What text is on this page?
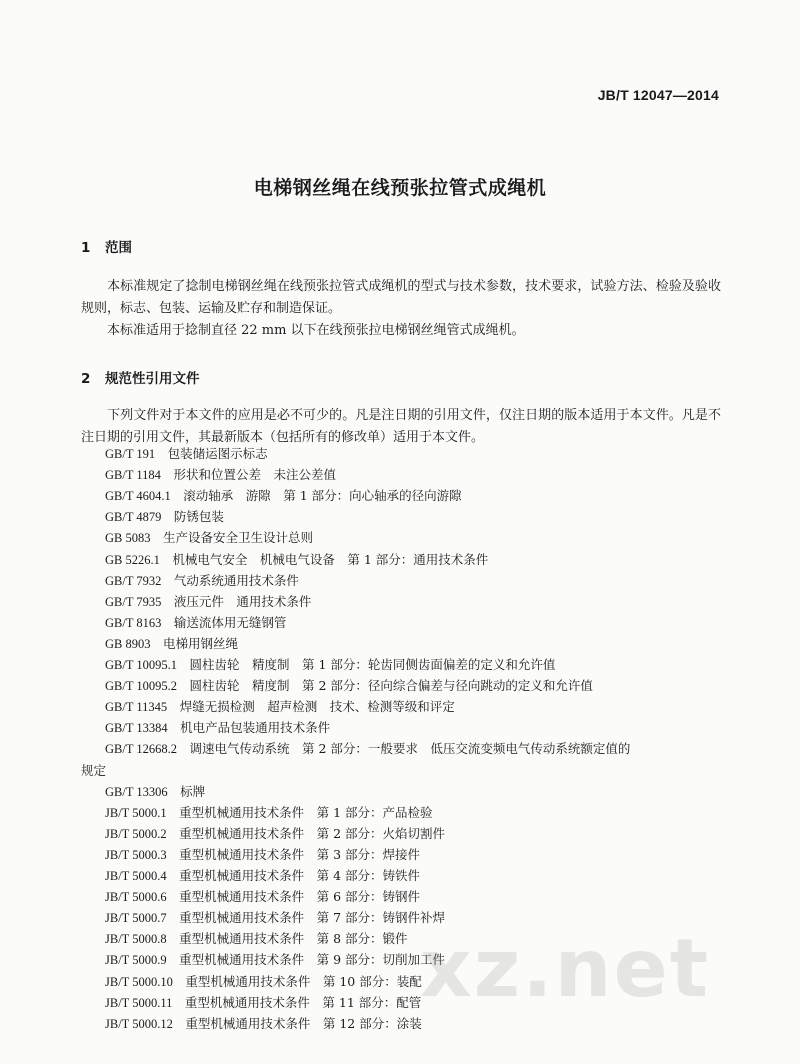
JB/T 12047—2014
电梯钢丝绳在线预张拉管式成绳机
1 范围
本标准规定了捻制电梯钢丝绳在线预张拉管式成绳机的型式与技术参数，技术要求，试验方法、检验及验收规则，标志、包装、运输及贮存和制造保证。
本标准适用于捻制直径 22 mm 以下在线预张拉电梯钢丝绳管式成绳机。
2 规范性引用文件
下列文件对于本文件的应用是必不可少的。凡是注日期的引用文件，仅注日期的版本适用于本文件。凡是不注日期的引用文件，其最新版本（包括所有的修改单）适用于本文件。
GB/T 191　 包装储运图示标志
GB/T 1184　 形状和位置公差　未注公差值
GB/T 4604.1　 滚动轴承　游隙　第 1 部分：向心轴承的径向游隙
GB/T 4879　 防锈包装
GB 5083　 生产设备安全卫生设计总则
GB 5226.1　 机械电气安全　机械电气设备　第 1 部分：通用技术条件
GB/T 7932　 气动系统通用技术条件
GB/T 7935　 液压元件　通用技术条件
GB/T 8163　 输送流体用无缝钢管
GB 8903　 电梯用钢丝绳
GB/T 10095.1　 圆柱齿轮　精度制　第 1 部分：轮齿同侧齿面偏差的定义和允许值
GB/T 10095.2　 圆柱齿轮　精度制　第 2 部分：径向综合偏差与径向跳动的定义和允许值
GB/T 11345　 焊缝无损检测　超声检测　技术、检测等级和评定
GB/T 13384　 机电产品包装通用技术条件
GB/T 12668.2　 调速电气传动系统　第 2 部分：一般要求　低压交流变频电气传动系统额定值的
规定
GB/T 13306　 标牌
JB/T 5000.1　 重型机械通用技术条件　第 1 部分：产品检验
JB/T 5000.2　 重型机械通用技术条件　第 2 部分：火焰切割件
JB/T 5000.3　 重型机械通用技术条件　第 3 部分：焊接件
JB/T 5000.4　 重型机械通用技术条件　第 4 部分：铸铁件
JB/T 5000.6　 重型机械通用技术条件　第 6 部分：铸钢件
JB/T 5000.7　 重型机械通用技术条件　第 7 部分：铸钢件补焊
JB/T 5000.8　 重型机械通用技术条件　第 8 部分：锻件
JB/T 5000.9　 重型机械通用技术条件　第 9 部分：切削加工件
JB/T 5000.10　 重型机械通用技术条件　第 10 部分：装配
JB/T 5000.11　 重型机械通用技术条件　第 11 部分：配管
JB/T 5000.12　 重型机械通用技术条件　第 12 部分：涂装
xz.net
